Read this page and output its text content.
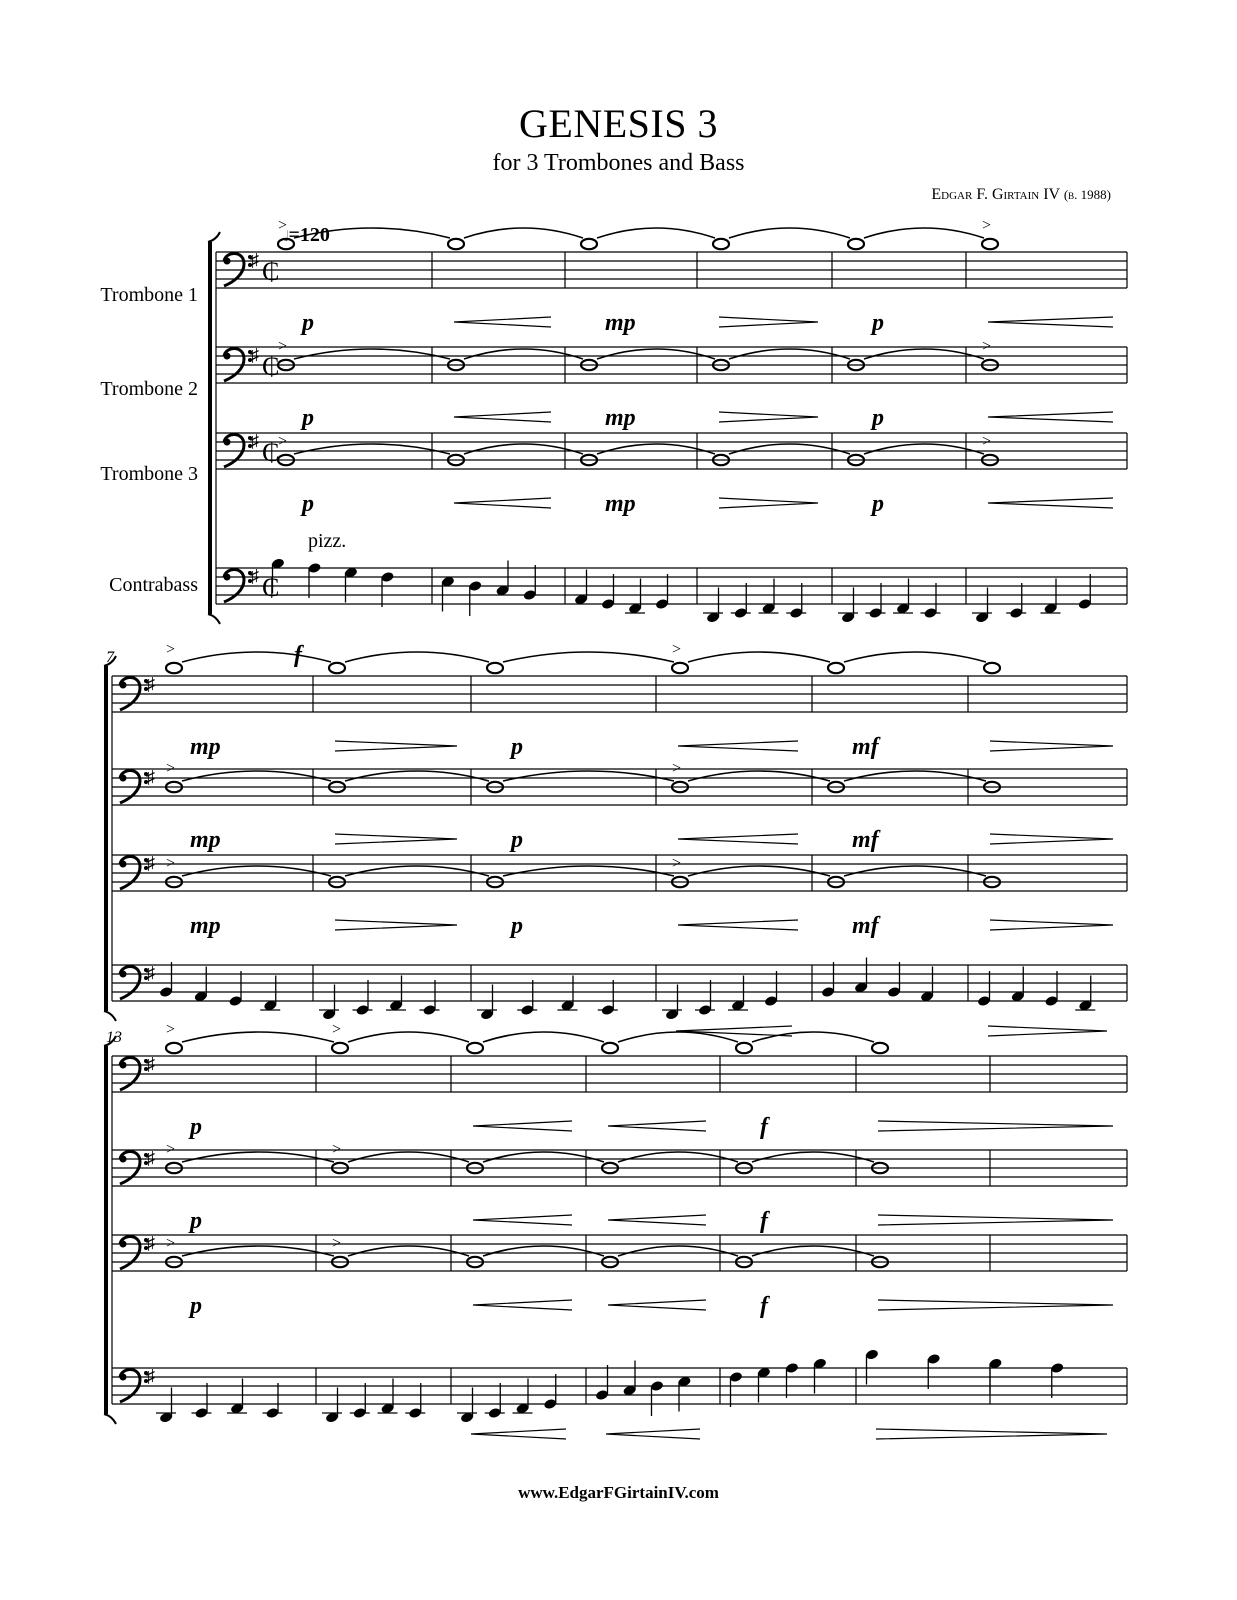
GENESIS 3
for 3 Trombones and Bass
Edgar F. Girtain IV (b. 1988)
𝅗𝅥=120
Trombone 1
Trombone 2
Trombone 3
Contrabass
pizz.
♯ ₵
>	>
p	mp	p
♯ ₵
>	>
p	mp	p
♯ ₵
>	>
p	mp	p
♯ ₵
f
7
♯
>	>
mp	p	mf
♯ >	>
mp	p	mf
♯ >	>
mp	p	mf
♯
13
♯
>	>
p	f
♯ >	>
p	f
♯ >	>
p	f
♯
www.EdgarFGirtainIV.com
